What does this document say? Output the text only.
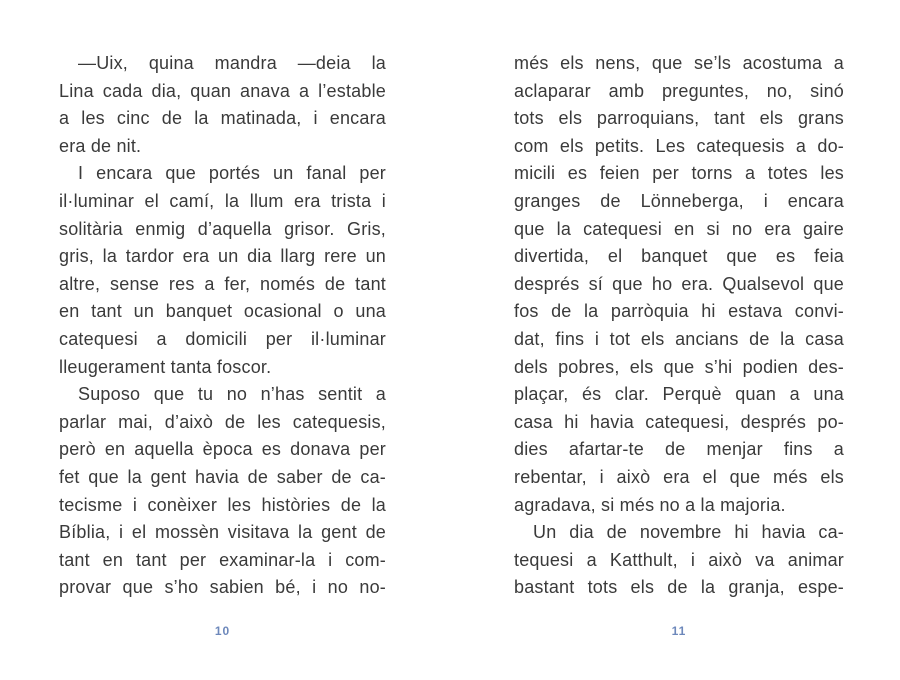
—Uix, quina mandra —deia la
Lina cada dia, quan anava a l’estable
a les cinc de la matinada, i encara
era de nit.
I encara que portés un fanal per
il·luminar el camí, la llum era trista i
solitària enmig d’aquella grisor. Gris,
gris, la tardor era un dia llarg rere un
altre, sense res a fer, només de tant
en tant un banquet ocasional o una
catequesi a domicili per il·luminar
lleugerament tanta foscor.
Suposo que tu no n’has sentit a
parlar mai, d’això de les catequesis,
però en aquella època es donava per
fet que la gent havia de saber de ca-
tecisme i conèixer les històries de la
Bíblia, i el mossèn visitava la gent de
tant en tant per examinar-la i com-
provar que s’ho sabien bé, i no no-
més els nens, que se’ls acostuma a
aclaparar amb preguntes, no, sinó
tots els parroquians, tant els grans
com els petits. Les catequesis a do-
micili es feien per torns a totes les
granges de Lönneberga, i encara
que la catequesi en si no era gaire
divertida, el banquet que es feia
després sí que ho era. Qualsevol que
fos de la parròquia hi estava convi-
dat, fins i tot els ancians de la casa
dels pobres, els que s’hi podien des-
plaçar, és clar. Perquè quan a una
casa hi havia catequesi, després po-
dies afartar-te de menjar fins a
rebentar, i això era el que més els
agradava, si més no a la majoria.
Un dia de novembre hi havia ca-
tequesi a Katthult, i això va animar
bastant tots els de la granja, espe-
10	11
